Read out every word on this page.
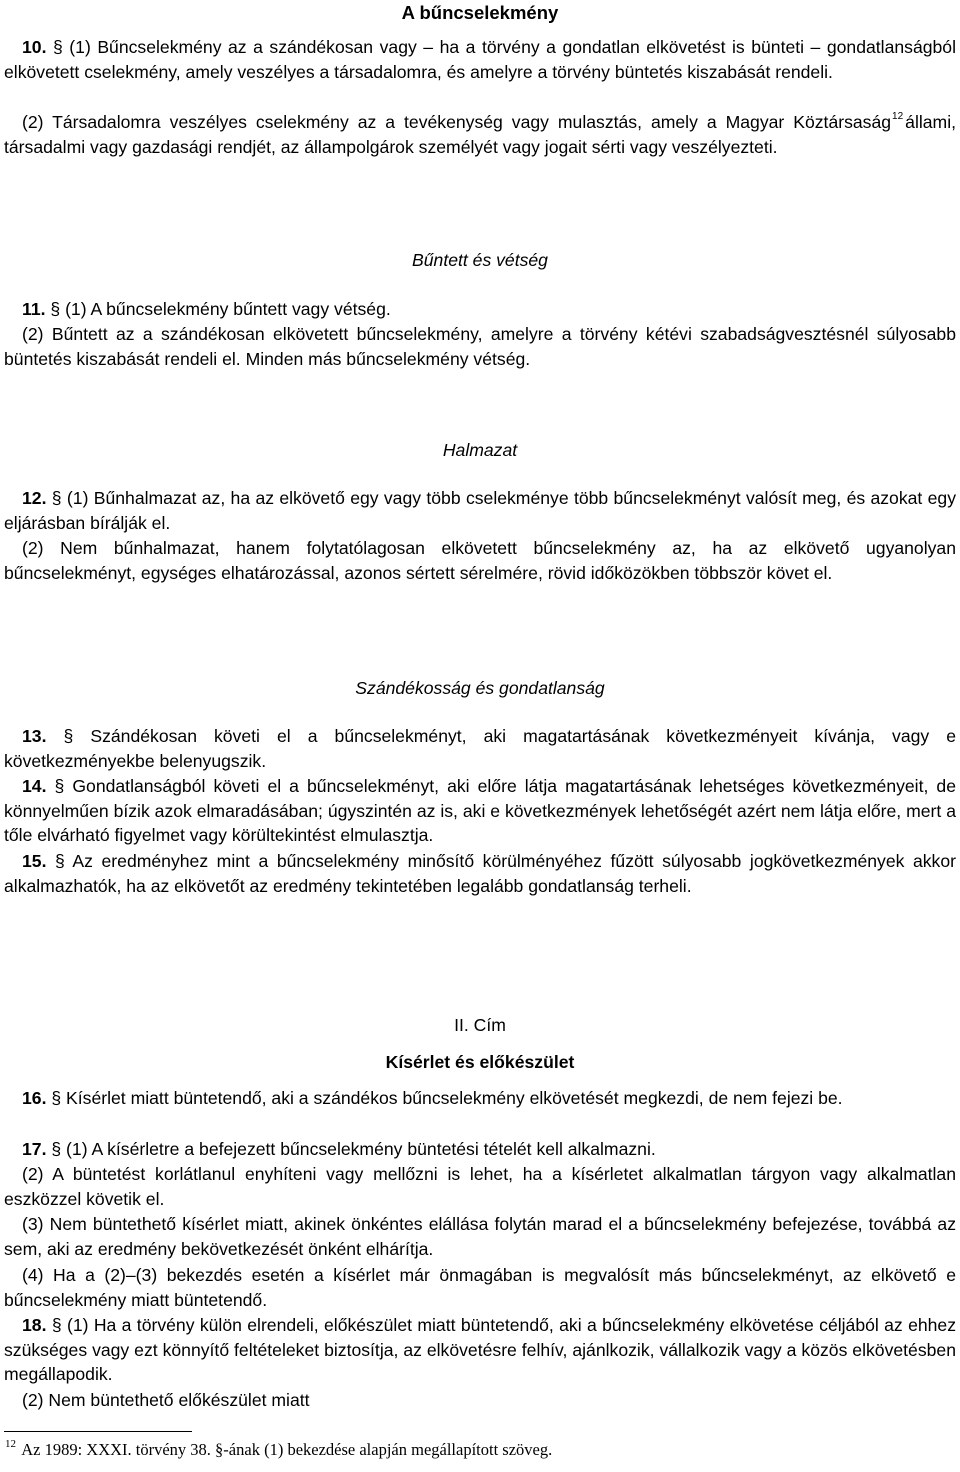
A bűncselekmény
10. § (1) Bűncselekmény az a szándékosan vagy – ha a törvény a gondatlan elkövetést is bünteti – gondatlanságból elkövetett cselekmény, amely veszélyes a társadalomra, és amelyre a törvény büntetés kiszabását rendeli.
(2) Társadalomra veszélyes cselekmény az a tevékenység vagy mulasztás, amely a Magyar Köztársaság$^{12}$ állami, társadalmi vagy gazdasági rendjét, az állampolgárok személyét vagy jogait sérti vagy veszélyezteti.
Bűntett és vétség
11. § (1) A bűncselekmény bűntett vagy vétség.
(2) Bűntett az a szándékosan elkövetett bűncselekmény, amelyre a törvény kétévi szabadságvesztésnél súlyosabb büntetés kiszabását rendeli el. Minden más bűncselekmény vétség.
Halmazat
12. § (1) Bűnhalmazat az, ha az elkövető egy vagy több cselekménye több bűncselekményt valósít meg, és azokat egy eljárásban bírálják el.
(2) Nem bűnhalmazat, hanem folytatólagosan elkövetett bűncselekmény az, ha az elkövető ugyanolyan bűncselekményt, egységes elhatározással, azonos sértett sérelmére, rövid időközökben többször követ el.
Szándékosság és gondatlanság
13. § Szándékosan követi el a bűncselekményt, aki magatartásának következményeit kívánja, vagy e következményekbe belenyugszik.
14. § Gondatlanságból követi el a bűncselekményt, aki előre látja magatartásának lehetséges következményeit, de könnyelműen bízik azok elmaradásában; úgyszintén az is, aki e következmények lehetőségét azért nem látja előre, mert a tőle elvárható figyelmet vagy körültekintést elmulasztja.
15. § Az eredményhez mint a bűncselekmény minősítő körülményéhez fűzött súlyosabb jogkövetkezmények akkor alkalmazhatók, ha az elkövetőt az eredmény tekintetében legalább gondatlanság terheli.
II. Cím
Kísérlet és előkészület
16. § Kísérlet miatt büntetendő, aki a szándékos bűncselekmény elkövetését megkezdi, de nem fejezi be.
17. § (1) A kísérletre a befejezett bűncselekmény büntetési tételét kell alkalmazni.
(2) A büntetést korlátlanul enyhíteni vagy mellőzni is lehet, ha a kísérletet alkalmatlan tárgyon vagy alkalmatlan eszközzel követik el.
(3) Nem büntethető kísérlet miatt, akinek önkéntes elállása folytán marad el a bűncselekmény befejezése, továbbá az sem, aki az eredmény bekövetkezését önként elhárítja.
(4) Ha a (2)–(3) bekezdés esetén a kísérlet már önmagában is megvalósít más bűncselekményt, az elkövető e bűncselekmény miatt büntetendő.
18. § (1) Ha a törvény külön elrendeli, előkészület miatt büntetendő, aki a bűncselekmény elkövetése céljából az ehhez szükséges vagy ezt könnyítő feltételeket biztosítja, az elkövetésre felhív, ajánlkozik, vállalkozik vagy a közös elkövetésben megállapodik.
(2) Nem büntethető előkészület miatt
$^{12}$ Az 1989: XXXI. törvény 38. §-ának (1) bekezdése alapján megállapított szöveg.
